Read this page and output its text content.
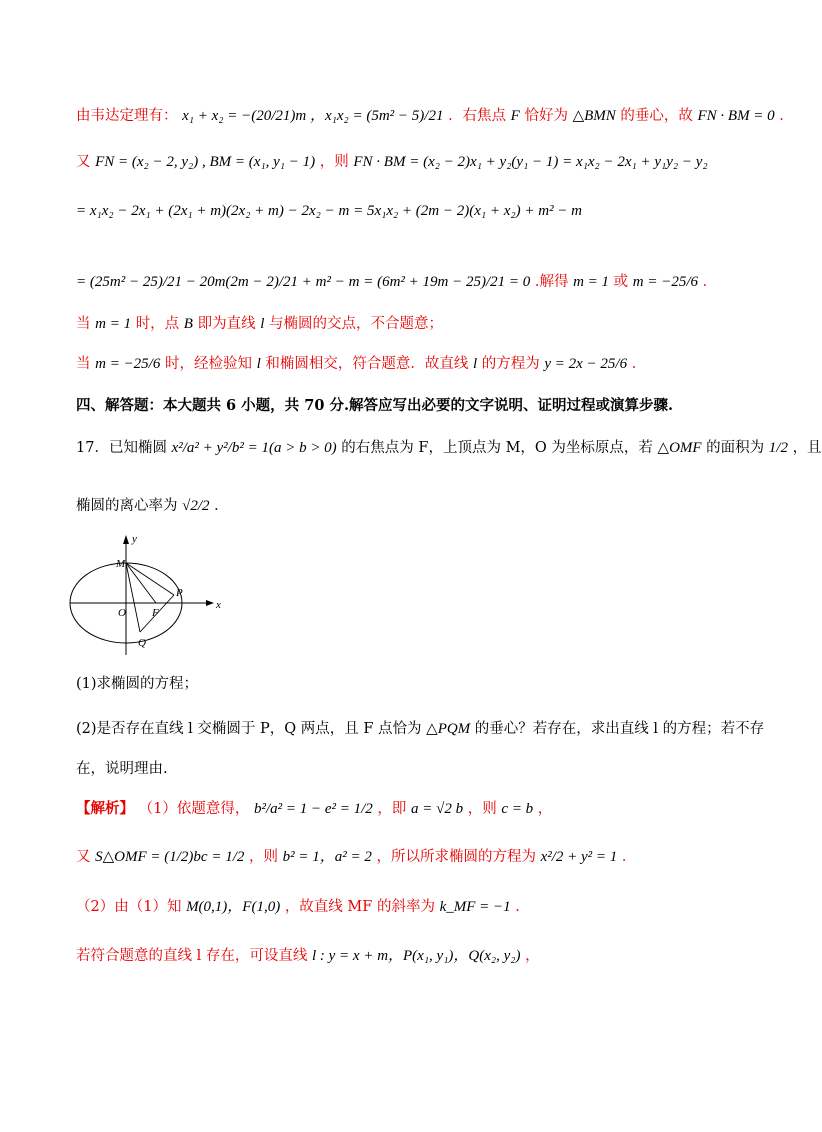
由韦达定理有： x₁ + x₂ = −(20/21)m ，x₁x₂ = (5m² − 5)/21 ．右焦点 F 恰好为 △BMN 的垂心，故 FN · BM = 0 ．
又 FN = (x₂ − 2, y₂) , BM = (x₁, y₁ − 1) ，则 FN · BM = (x₂ − 2)x₁ + y₂(y₁ − 1) = x₁x₂ − 2x₁ + y₁y₂ − y₂
= x₁x₂ − 2x₁ + (2x₁ + m)(2x₂ + m) − 2x₂ − m = 5x₁x₂ + (2m − 2)(x₁ + x₂) + m² − m
= (25m² − 25)/21 − 20m(2m − 2)/21 + m² − m = (6m² + 19m − 25)/21 = 0 .解得 m = 1 或 m = −25/6 ．
当 m = 1 时，点 B 即为直线 l 与椭圆的交点，不合题意；
当 m = −25/6 时，经检验知 l 和椭圆相交，符合题意．故直线 l 的方程为 y = 2x − 25/6 ．
四、解答题：本大题共 6 小题，共 70 分.解答应写出必要的文字说明、证明过程或演算步骤.
17．已知椭圆 x²/a² + y²/b² = 1(a > b > 0) 的右焦点为 F，上顶点为 M，O 为坐标原点，若 △OMF 的面积为 1/2 ，且
椭圆的离心率为 √2/2 ．
y
x
M
O F
P
Q
(1)求椭圆的方程；
(2)是否存在直线 l 交椭圆于 P，Q 两点，且 F 点恰为 △PQM 的垂心？若存在，求出直线 l 的方程；若不存
在，说明理由.
【解析】 （1）依题意得， b²/a² = 1 − e² = 1/2 ，即 a = √2 b ，则 c = b ，
又 S△OMF = (1/2)bc = 1/2 ，则 b² = 1，a² = 2 ，所以所求椭圆的方程为 x²/2 + y² = 1 ．
（2）由（1）知 M(0,1)，F(1,0) ，故直线 MF 的斜率为 k_MF = −1 ．
若符合题意的直线 l 存在，可设直线 l : y = x + m，P(x₁, y₁)，Q(x₂, y₂) ，
